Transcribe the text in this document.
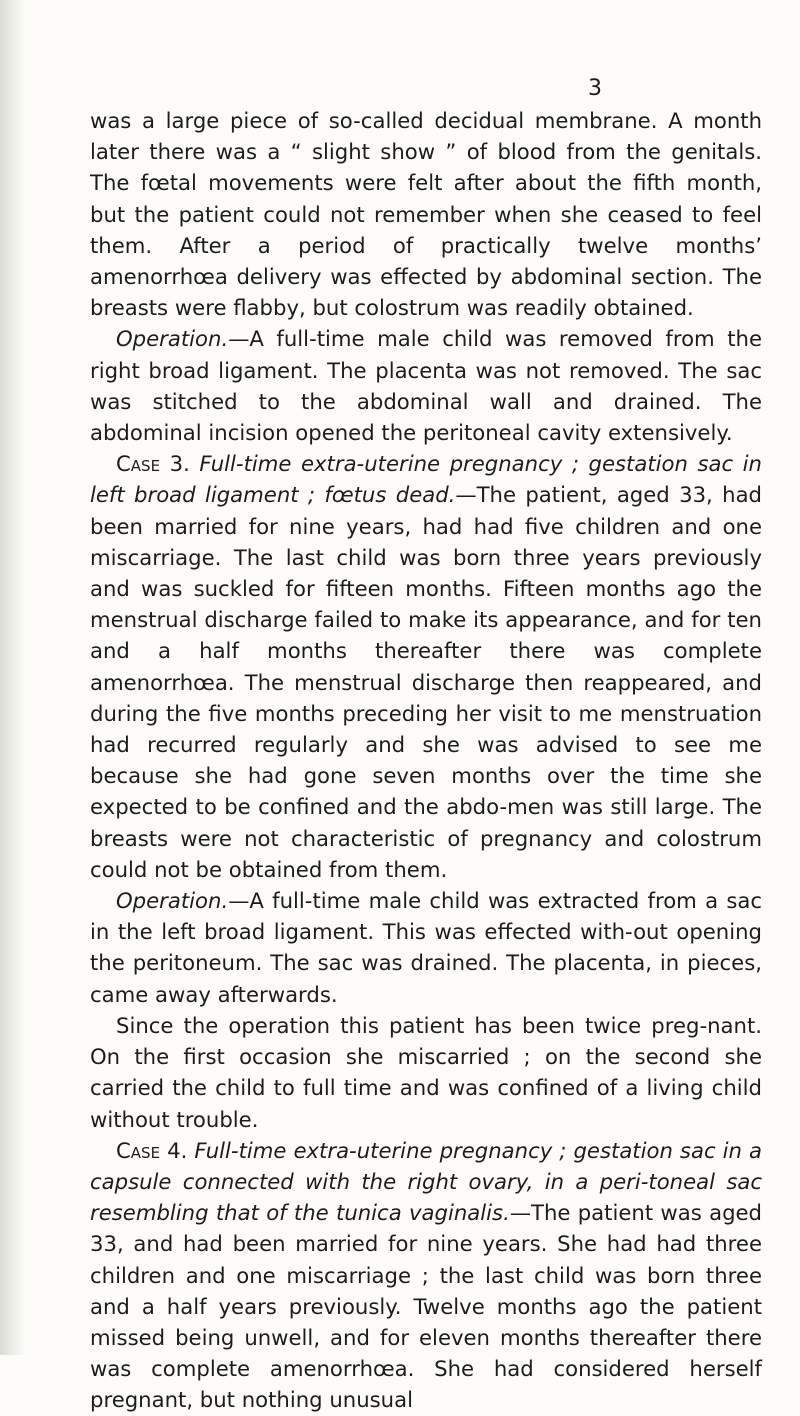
3

was a large piece of so-called decidual membrane. A month later there was a “ slight show ” of blood from the genitals. The fœtal movements were felt after about the fifth month, but the patient could not remember when she ceased to feel them. After a period of practically twelve months’ amenorrhœa delivery was effected by abdominal section. The breasts were flabby, but colostrum was readily obtained.

Operation.—A full-time male child was removed from the right broad ligament. The placenta was not removed. The sac was stitched to the abdominal wall and drained. The abdominal incision opened the peritoneal cavity extensively.

Case 3. Full-time extra-uterine pregnancy ; gestation sac in left broad ligament ; fœtus dead.—The patient, aged 33, had been married for nine years, had had five children and one miscarriage. The last child was born three years previously and was suckled for fifteen months. Fifteen months ago the menstrual discharge failed to make its appearance, and for ten and a half months thereafter there was complete amenorrhœa. The menstrual discharge then reappeared, and during the five months preceding her visit to me menstruation had recurred regularly and she was advised to see me because she had gone seven months over the time she expected to be confined and the abdo-men was still large. The breasts were not characteristic of pregnancy and colostrum could not be obtained from them.

Operation.—A full-time male child was extracted from a sac in the left broad ligament. This was effected with-out opening the peritoneum. The sac was drained. The placenta, in pieces, came away afterwards.

Since the operation this patient has been twice preg-nant. On the first occasion she miscarried ; on the second she carried the child to full time and was confined of a living child without trouble.

Case 4. Full-time extra-uterine pregnancy ; gestation sac in a capsule connected with the right ovary, in a peri-toneal sac resembling that of the tunica vaginalis.—The patient was aged 33, and had been married for nine years. She had had three children and one miscarriage ; the last child was born three and a half years previously. Twelve months ago the patient missed being unwell, and for eleven months thereafter there was complete amenorrhœa. She had considered herself pregnant, but nothing unusual
